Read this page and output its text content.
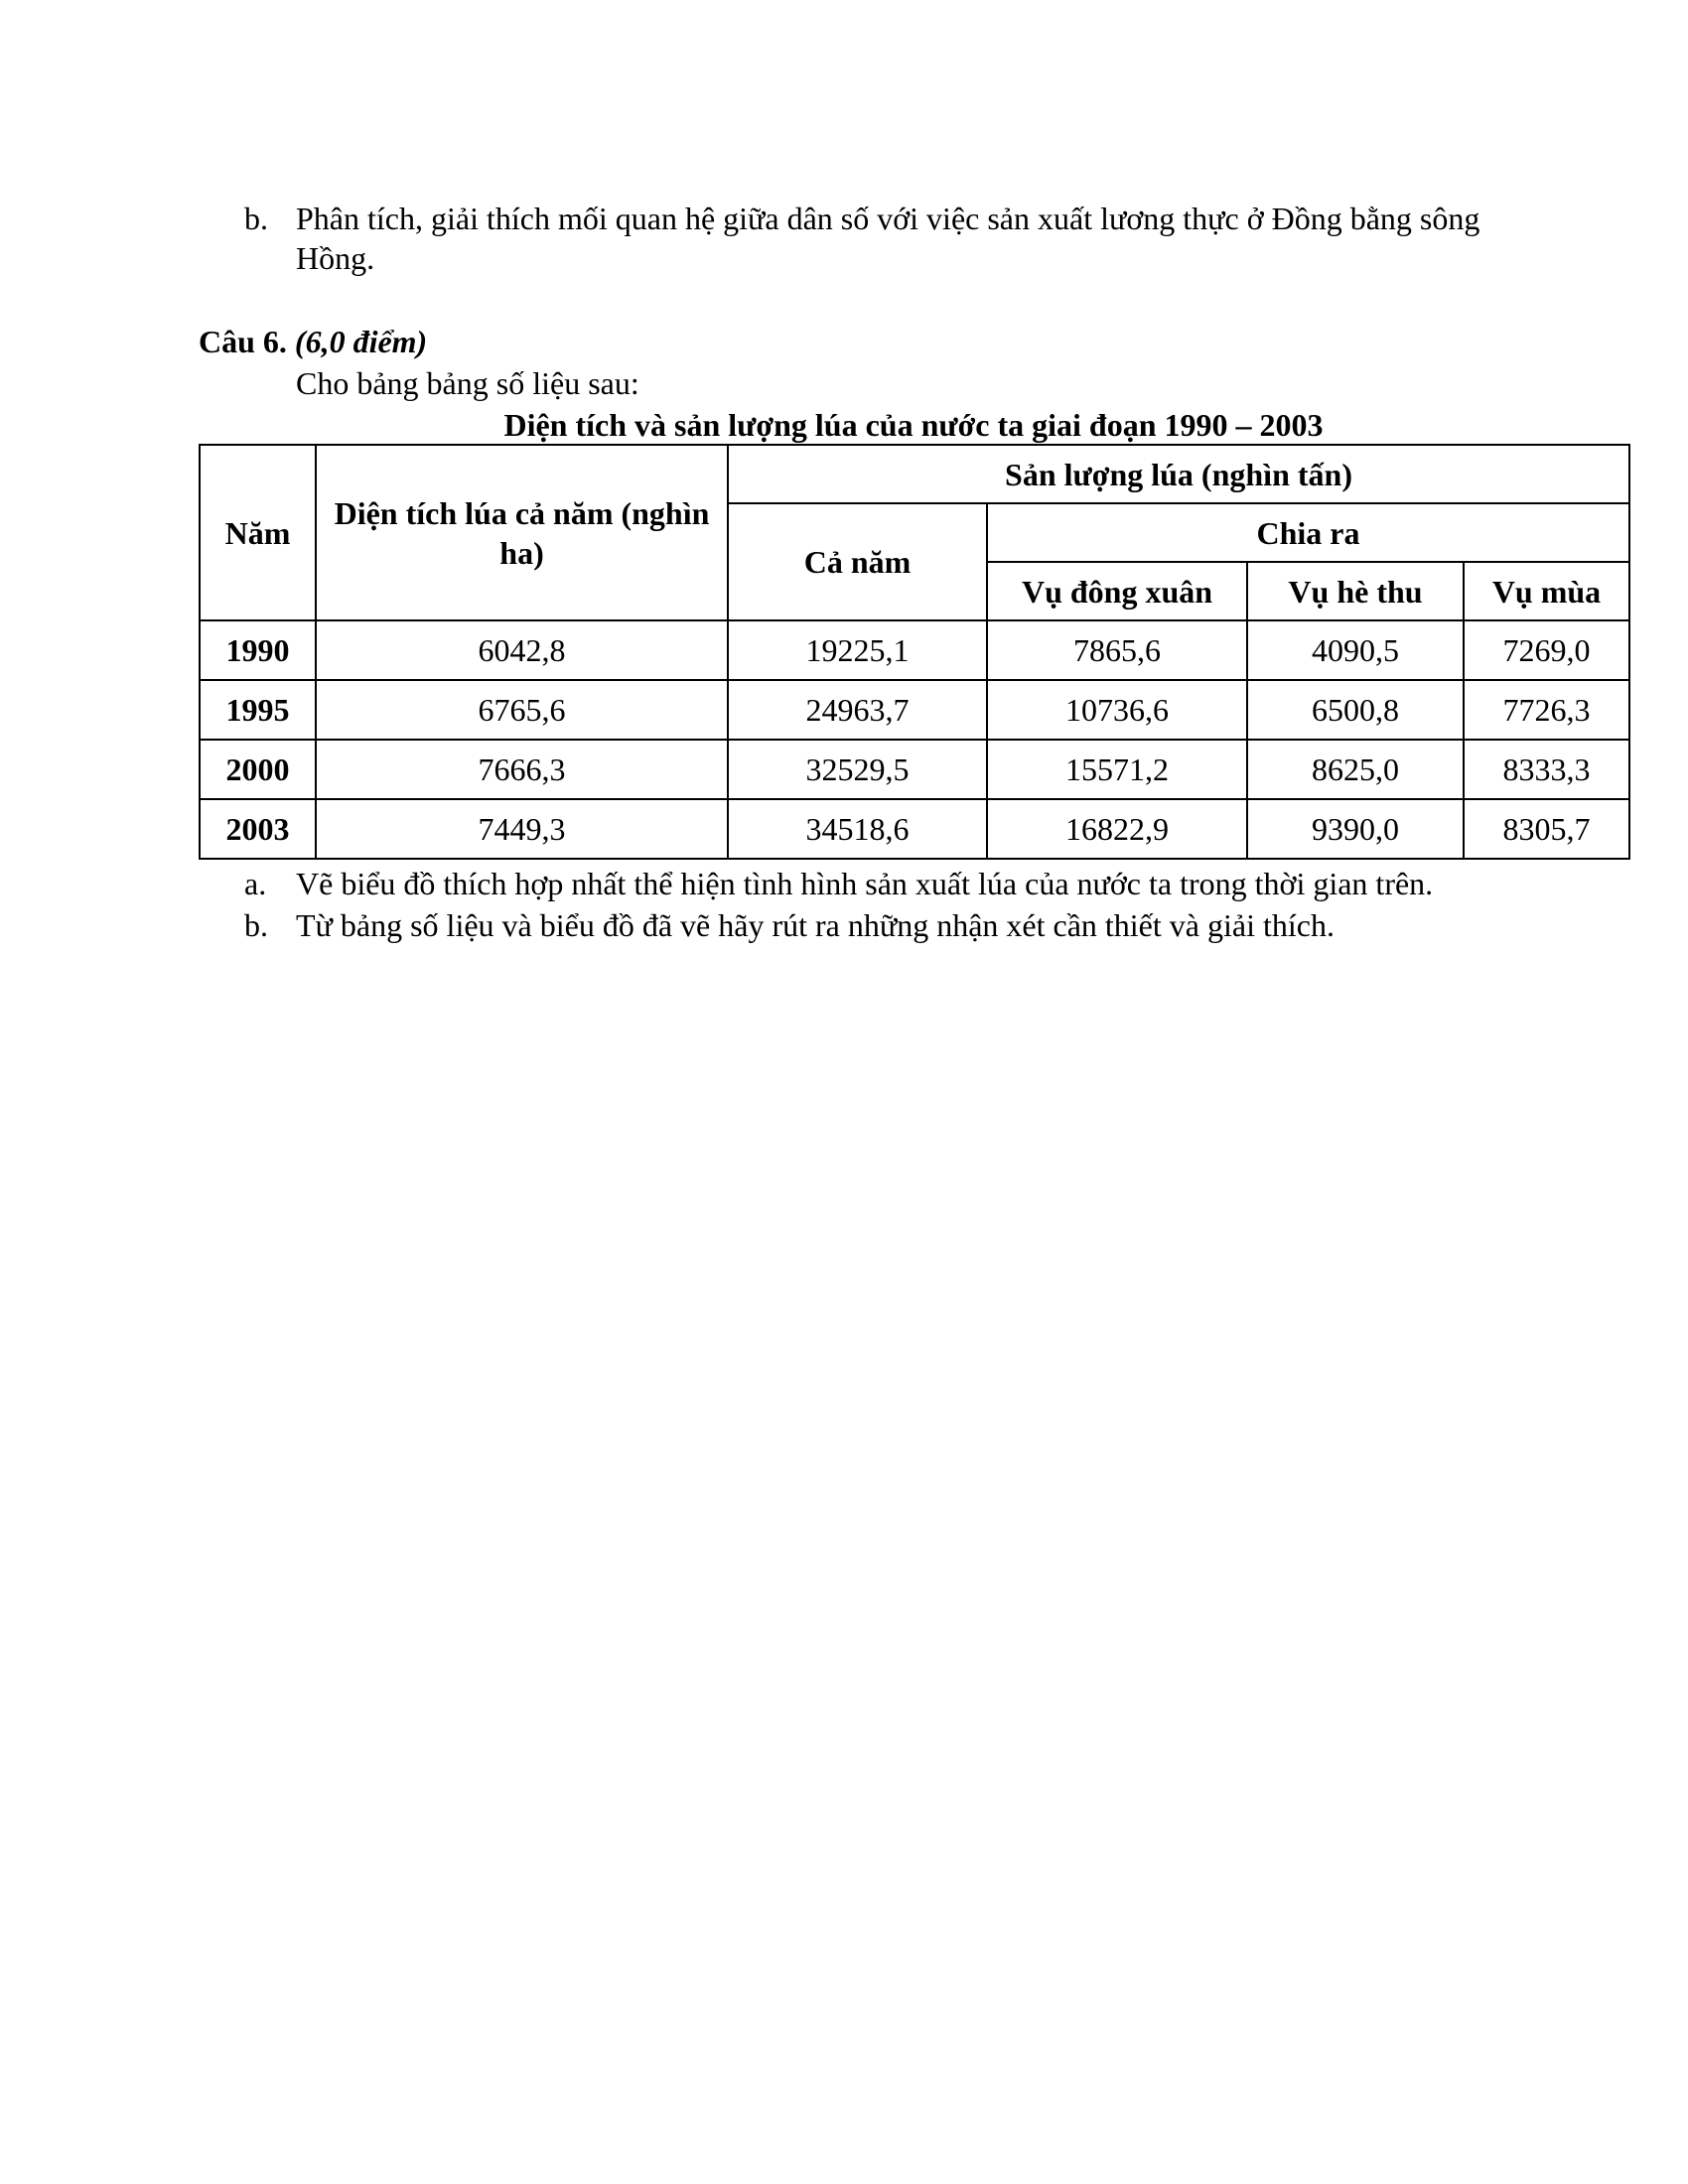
b. Phân tích, giải thích mối quan hệ giữa dân số với việc sản xuất lương thực ở Đồng bằng sông
Hồng.
Câu 6. (6,0 điểm)
Cho bảng bảng số liệu sau:
Diện tích và sản lượng lúa của nước ta giai đoạn 1990 – 2003
Năm	Diện tích lúa cả năm (nghìn ha)	Sản lượng lúa (nghìn tấn)			
		Cả năm	Chia ra		
			Vụ đông xuân	Vụ hè thu	Vụ mùa
1990	6042,8	19225,1	7865,6	4090,5	7269,0
1995	6765,6	24963,7	10736,6	6500,8	7726,3
2000	7666,3	32529,5	15571,2	8625,0	8333,3
2003	7449,3	34518,6	16822,9	9390,0	8305,7
a. Vẽ biểu đồ thích hợp nhất thể hiện tình hình sản xuất lúa của nước ta trong thời gian trên.
b. Từ bảng số liệu và biểu đồ đã vẽ hãy rút ra những nhận xét cần thiết và giải thích.
